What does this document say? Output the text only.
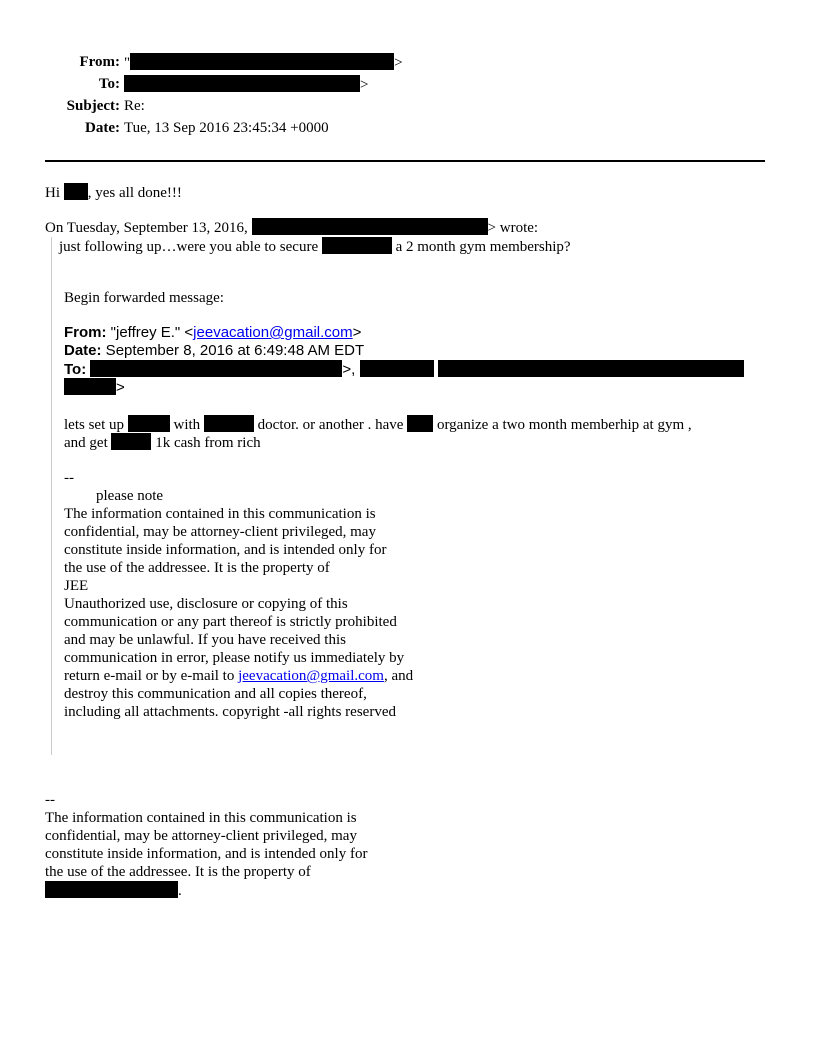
From: "	>
To:	>
Subject: Re:
Date: Tue, 13 Sep 2016 23:45:34 +0000
Hi , yes all done!!!
On Tuesday, September 13, 2016,	> wrote:
just following up…were you able to secure	a 2 month gym membership?
Begin forwarded message:
From: "jeffrey E." <jeevacation@gmail.com>
Date: September 8, 2016 at 6:49:48 AM EDT
To:	>,
>
lets set up	with	doctor. or another . have  organize a two month memberhip at gym ,
and get	1k cash from rich
--
please note
The information contained in this communication is
confidential, may be attorney-client privileged, may
constitute inside information, and is intended only for
the use of the addressee. It is the property of
JEE
Unauthorized use, disclosure or copying of this
communication or any part thereof is strictly prohibited
and may be unlawful. If you have received this
communication in error, please notify us immediately by
return e-mail or by e-mail to jeevacation@gmail.com, and
destroy this communication and all copies thereof,
including all attachments. copyright -all rights reserved
--
The information contained in this communication is
confidential, may be attorney-client privileged, may
constitute inside information, and is intended only for
the use of the addressee. It is the property of
.
